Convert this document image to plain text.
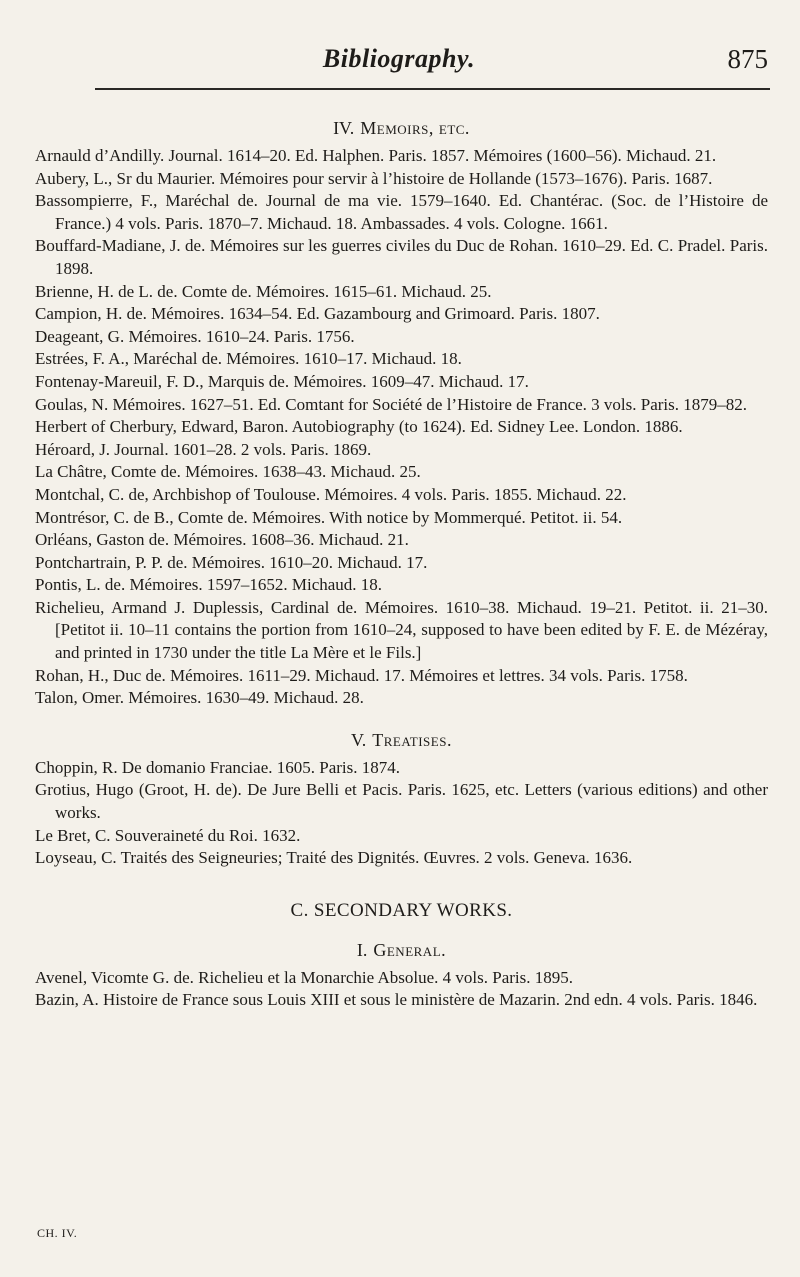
Bibliography.	875
IV. Memoirs, etc.

Arnauld d’Andilly. Journal. 1614–20. Ed. Halphen. Paris. 1857. Mémoires (1600–56). Michaud. 21.

Aubery, L., Sr du Maurier. Mémoires pour servir à l’histoire de Hollande (1573–1676). Paris. 1687.

Bassompierre, F., Maréchal de. Journal de ma vie. 1579–1640. Ed. Chantérac. (Soc. de l’Histoire de France.) 4 vols. Paris. 1870–7. Michaud. 18. Ambassades. 4 vols. Cologne. 1661.

Bouffard-Madiane, J. de. Mémoires sur les guerres civiles du Duc de Rohan. 1610–29. Ed. C. Pradel. Paris. 1898.

Brienne, H. de L. de. Comte de. Mémoires. 1615–61. Michaud. 25.

Campion, H. de. Mémoires. 1634–54. Ed. Gazambourg and Grimoard. Paris. 1807.

Deageant, G. Mémoires. 1610–24. Paris. 1756.

Estrées, F. A., Maréchal de. Mémoires. 1610–17. Michaud. 18.

Fontenay-Mareuil, F. D., Marquis de. Mémoires. 1609–47. Michaud. 17.

Goulas, N. Mémoires. 1627–51. Ed. Comtant for Société de l’Histoire de France. 3 vols. Paris. 1879–82.

Herbert of Cherbury, Edward, Baron. Autobiography (to 1624). Ed. Sidney Lee. London. 1886.

Héroard, J. Journal. 1601–28. 2 vols. Paris. 1869.

La Châtre, Comte de. Mémoires. 1638–43. Michaud. 25.

Montchal, C. de, Archbishop of Toulouse. Mémoires. 4 vols. Paris. 1855. Michaud. 22.

Montrésor, C. de B., Comte de. Mémoires. With notice by Mommerqué. Petitot. ii. 54.

Orléans, Gaston de. Mémoires. 1608–36. Michaud. 21.

Pontchartrain, P. P. de. Mémoires. 1610–20. Michaud. 17.

Pontis, L. de. Mémoires. 1597–1652. Michaud. 18.

Richelieu, Armand J. Duplessis, Cardinal de. Mémoires. 1610–38. Michaud. 19–21. Petitot. ii. 21–30. [Petitot ii. 10–11 contains the portion from 1610–24, supposed to have been edited by F. E. de Mézéray, and printed in 1730 under the title La Mère et le Fils.]

Rohan, H., Duc de. Mémoires. 1611–29. Michaud. 17. Mémoires et lettres. 34 vols. Paris. 1758.

Talon, Omer. Mémoires. 1630–49. Michaud. 28.

V. Treatises.

Choppin, R. De domanio Franciae. 1605. Paris. 1874.

Grotius, Hugo (Groot, H. de). De Jure Belli et Pacis. Paris. 1625, etc. Letters (various editions) and other works.

Le Bret, C. Souveraineté du Roi. 1632.

Loyseau, C. Traités des Seigneuries; Traité des Dignités. Œuvres. 2 vols. Geneva. 1636.

C. SECONDARY WORKS.
I. General.

Avenel, Vicomte G. de. Richelieu et la Monarchie Absolue. 4 vols. Paris. 1895.

Bazin, A. Histoire de France sous Louis XIII et sous le ministère de Mazarin. 2nd edn. 4 vols. Paris. 1846.

CH. IV.
